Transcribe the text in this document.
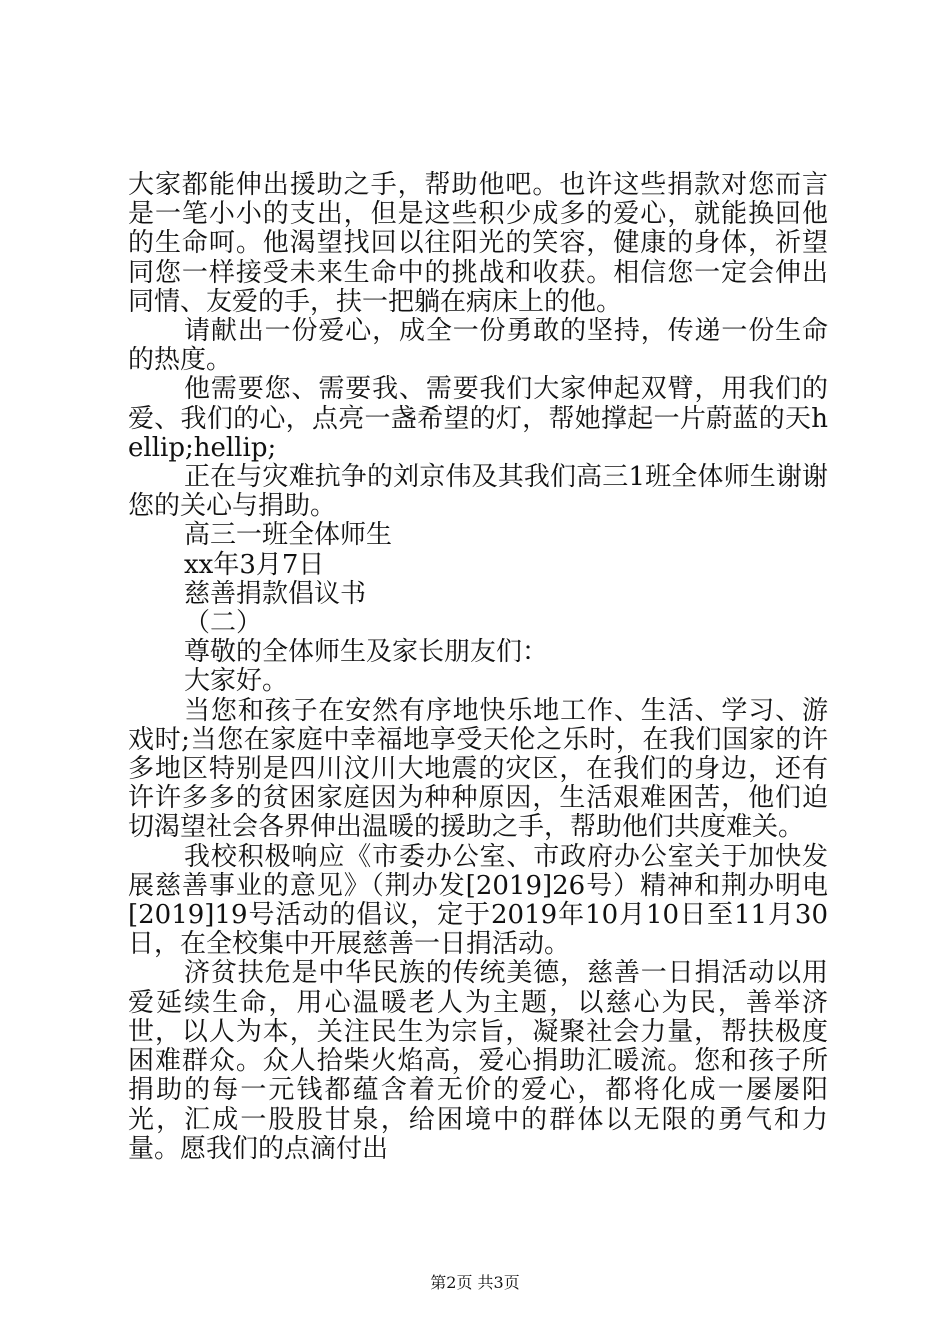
大家都能伸出援助之手，帮助他吧。也许这些捐款对您而言是一笔小小的支出，但是这些积少成多的爱心，就能换回他的生命呵。他渴望找回以往阳光的笑容，健康的身体，祈望同您一样接受未来生命中的挑战和收获。相信您一定会伸出同情、友爱的手，扶一把躺在病床上的他。

请献出一份爱心，成全一份勇敢的坚持，传递一份生命的热度。

他需要您、需要我、需要我们大家伸起双臂，用我们的爱、我们的心，点亮一盏希望的灯，帮她撑起一片蔚蓝的天hellip;hellip;

正在与灾难抗争的刘京伟及其我们高三1班全体师生谢谢您的关心与捐助。

高三一班全体师生

xx年3月7日

慈善捐款倡议书

（二）

尊敬的全体师生及家长朋友们：

大家好。

当您和孩子在安然有序地快乐地工作、生活、学习、游戏时;当您在家庭中幸福地享受天伦之乐时，在我们国家的许多地区特别是四川汶川大地震的灾区，在我们的身边，还有许许多多的贫困家庭因为种种原因，生活艰难困苦，他们迫切渴望社会各界伸出温暖的援助之手，帮助他们共度难关。

我校积极响应《市委办公室、市政府办公室关于加快发展慈善事业的意见》（荆办发[2019]26号）精神和荆办明电[2019]19号活动的倡议，定于2019年10月10日至11月30日，在全校集中开展慈善一日捐活动。

济贫扶危是中华民族的传统美德，慈善一日捐活动以用爱延续生命，用心温暖老人为主题，以慈心为民，善举济世，以人为本，关注民生为宗旨，凝聚社会力量，帮扶极度困难群众。众人拾柴火焰高，爱心捐助汇暖流。您和孩子所捐助的每一元钱都蕴含着无价的爱心，都将化成一屡屡阳光，汇成一股股甘泉，给困境中的群体以无限的勇气和力量。愿我们的点滴付出

第2页 共3页
